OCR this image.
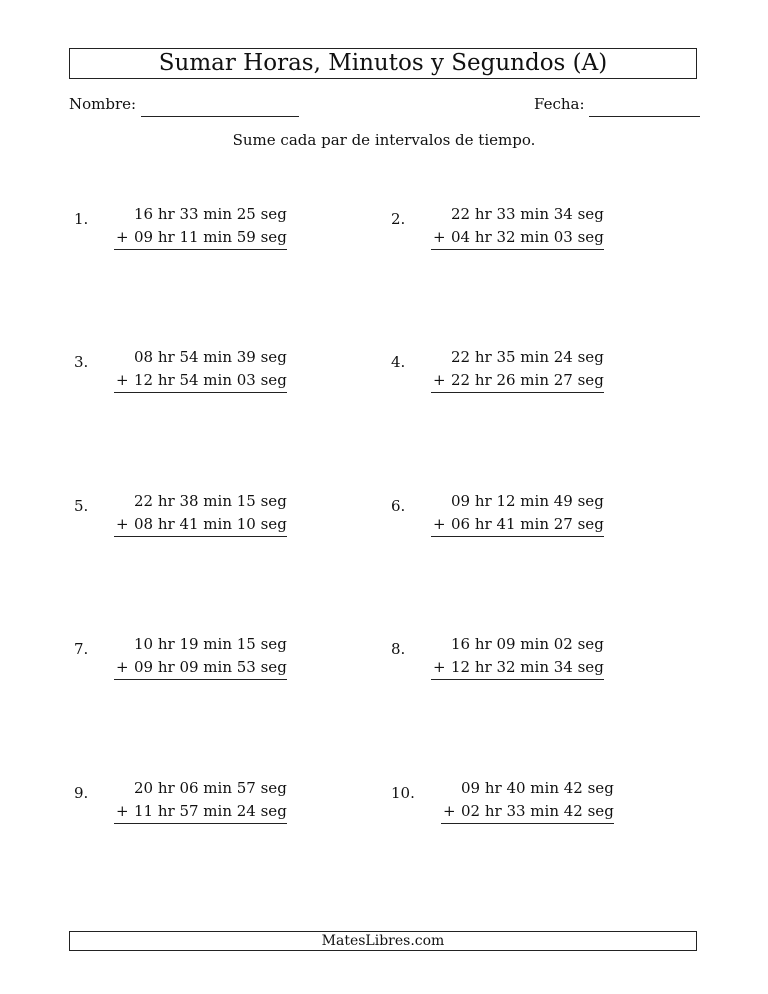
Sumar Horas, Minutos y Segundos (A)
Nombre:	Fecha:
Sume cada par de intervalos de tiempo.
1.	16 hr 33 min 25 seg
+ 09 hr 11 min 59 seg
2.	22 hr 33 min 34 seg
+ 04 hr 32 min 03 seg
3.	08 hr 54 min 39 seg
+ 12 hr 54 min 03 seg
4.	22 hr 35 min 24 seg
+ 22 hr 26 min 27 seg
5.	22 hr 38 min 15 seg
+ 08 hr 41 min 10 seg
6.	09 hr 12 min 49 seg
+ 06 hr 41 min 27 seg
7.	10 hr 19 min 15 seg
+ 09 hr 09 min 53 seg
8.	16 hr 09 min 02 seg
+ 12 hr 32 min 34 seg
9.	20 hr 06 min 57 seg
+ 11 hr 57 min 24 seg
10.	09 hr 40 min 42 seg
+ 02 hr 33 min 42 seg
MatesLibres.com
